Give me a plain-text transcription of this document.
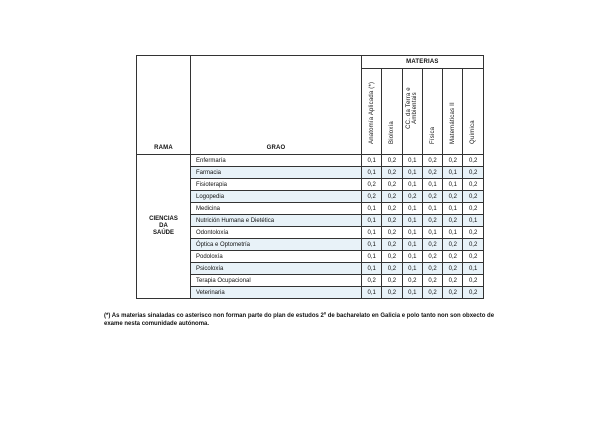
RAMA	GRAO	MATERIAS					

		Anatomía Aplicada (*)	Bioloxía	CC. da Terra e Ambientais	Física	Matemáticas II	Química

CIENCIAS
DA
SAÚDE	Enfermaría	0,1	0,2	0,1	0,2	0,2	0,2
	Farmacia	0,1	0,2	0,1	0,2	0,1	0,2
	Fisioterapia	0,2	0,2	0,1	0,1	0,1	0,2
	Logopedia	0,2	0,2	0,2	0,2	0,2	0,2
	Medicina	0,1	0,2	0,1	0,1	0,1	0,2
	Nutrición Humana e Dietética	0,1	0,2	0,1	0,2	0,2	0,1
	Odontoloxía	0,1	0,2	0,1	0,1	0,1	0,2
	Óptica e Optometría	0,1	0,2	0,1	0,2	0,2	0,2
	Podoloxía	0,1	0,2	0,1	0,2	0,2	0,2
	Psicoloxía	0,1	0,2	0,1	0,2	0,2	0,1
	Terapia Ocupacional	0,2	0,2	0,2	0,2	0,2	0,2
	Veterinaria	0,1	0,2	0,1	0,2	0,2	0,2
(*) As materias sinaladas co asterisco non forman parte do plan de estudos 2º de bacharelato en Galicia e polo tanto non son obxecto de exame nesta comunidade autónoma.
